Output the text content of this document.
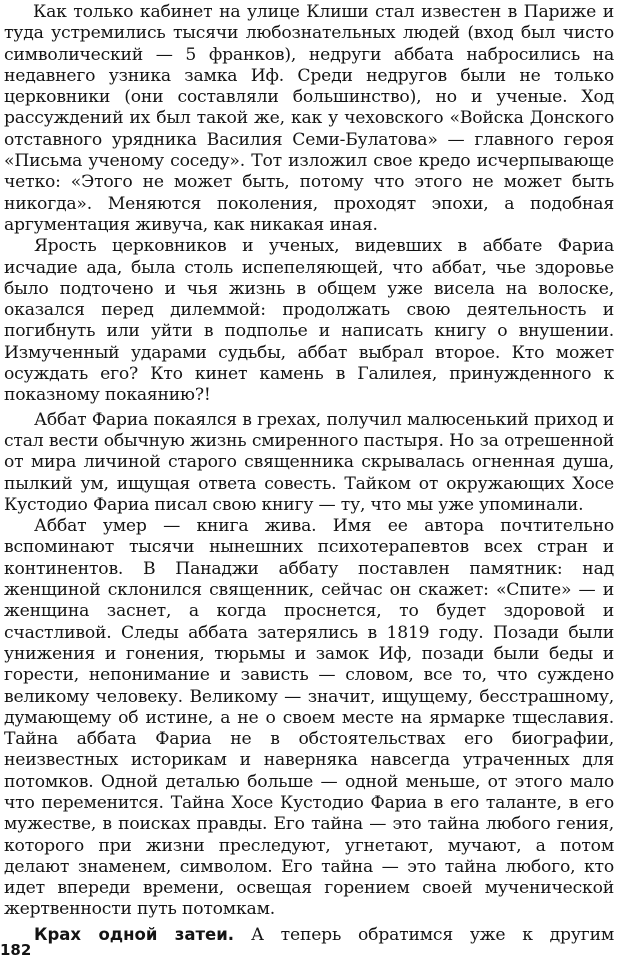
Как только кабинет на улице Клиши стал известен в Париже и туда устремились тысячи любознательных людей (вход был чисто символический — 5 франков), недруги аббата набросились на недавнего узника замка Иф. Среди недругов были не только церковники (они составляли большинство), но и ученые. Ход рассуждений их был такой же, как у чеховского «Войска Донского отставного урядника Василия Семи-Булатова» — главного героя «Письма ученому соседу». Тот изложил свое кредо исчерпывающе четко: «Этого не может быть, потому что этого не может быть никогда». Меняются поколения, проходят эпохи, а подобная аргументация живуча, как никакая иная.

Ярость церковников и ученых, видевших в аббате Фариа исчадие ада, была столь испепеляющей, что аббат, чье здоровье было подточено и чья жизнь в общем уже висела на волоске, оказался перед дилеммой: продолжать свою деятельность и погибнуть или уйти в подполье и написать книгу о внушении. Измученный ударами судьбы, аббат выбрал второе. Кто может осуждать его? Кто кинет камень в Галилея, принужденного к показному покаянию?!

Аббат Фариа покаялся в грехах, получил малюсенький приход и стал вести обычную жизнь смиренного пастыря. Но за отрешенной от мира личиной старого священника скрывалась огненная душа, пылкий ум, ищущая ответа совесть. Тайком от окружающих Хосе Кустодио Фариа писал свою книгу — ту, что мы уже упоминали.

Аббат умер — книга жива. Имя ее автора почтительно вспоминают тысячи нынешних психотерапевтов всех стран и континентов. В Панаджи аббату поставлен памятник: над женщиной склонился священник, сейчас он скажет: «Спите» — и женщина заснет, а когда проснется, то будет здоровой и счастливой. Следы аббата затерялись в 1819 году. Позади были унижения и гонения, тюрьмы и замок Иф, позади были беды и горести, непонимание и зависть — словом, все то, что суждено великому человеку. Великому — значит, ищущему, бесстрашному, думающему об истине, а не о своем месте на ярмарке тщеславия. Тайна аббата Фариа не в обстоятельствах его биографии, неизвестных историкам и наверняка навсегда утраченных для потомков. Одной деталью больше — одной меньше, от этого мало что переменится. Тайна Хосе Кустодио Фариа в его таланте, в его мужестве, в поисках правды. Его тайна — это тайна любого гения, которого при жизни преследуют, угнетают, мучают, а потом делают знаменем, символом. Его тайна — это тайна любого, кто идет впереди времени, освещая горением своей мученической жертвенности путь потомкам.

Крах одной затеи. А теперь обратимся уже к другим

182
